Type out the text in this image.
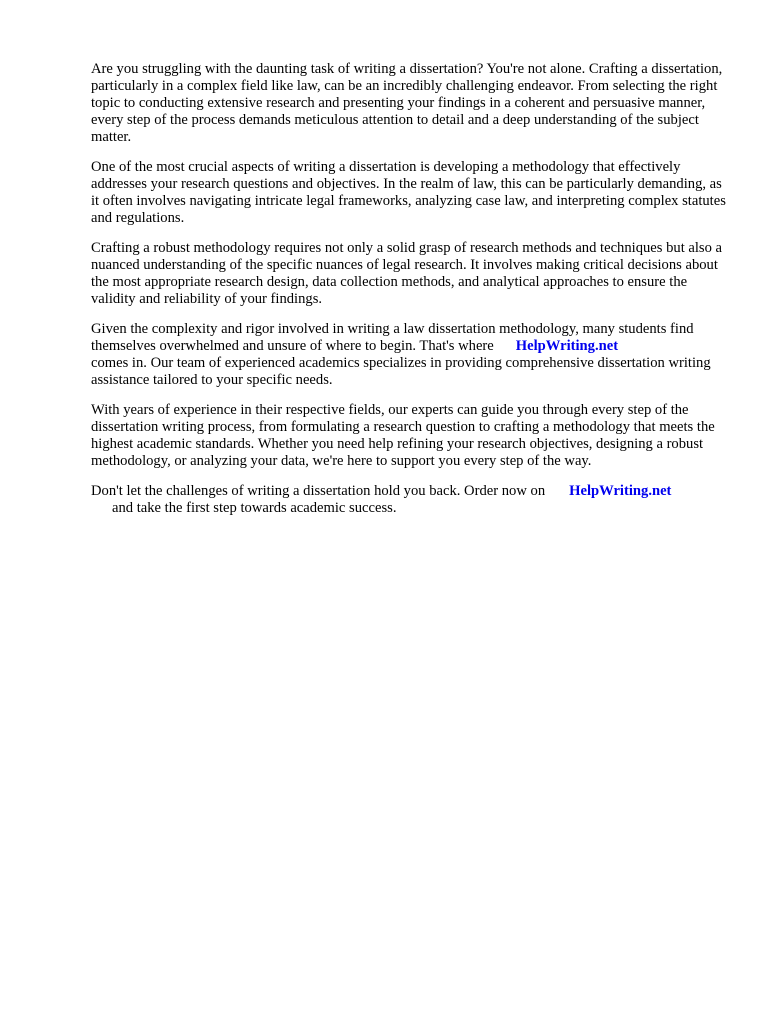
Are you struggling with the daunting task of writing a dissertation? You're not alone. Crafting a dissertation, particularly in a complex field like law, can be an incredibly challenging endeavor. From selecting the right topic to conducting extensive research and presenting your findings in a coherent and persuasive manner, every step of the process demands meticulous attention to detail and a deep understanding of the subject matter.

One of the most crucial aspects of writing a dissertation is developing a methodology that effectively addresses your research questions and objectives. In the realm of law, this can be particularly demanding, as it often involves navigating intricate legal frameworks, analyzing case law, and interpreting complex statutes and regulations.

Crafting a robust methodology requires not only a solid grasp of research methods and techniques but also a nuanced understanding of the specific nuances of legal research. It involves making critical decisions about the most appropriate research design, data collection methods, and analytical approaches to ensure the validity and reliability of your findings.

Given the complexity and rigor involved in writing a law dissertation methodology, many students find themselves overwhelmed and unsure of where to begin. That's where HelpWriting.net
comes in. Our team of experienced academics specializes in providing comprehensive dissertation writing assistance tailored to your specific needs.

With years of experience in their respective fields, our experts can guide you through every step of the dissertation writing process, from formulating a research question to crafting a methodology that meets the highest academic standards. Whether you need help refining your research objectives, designing a robust methodology, or analyzing your data, we're here to support you every step of the way.

Don't let the challenges of writing a dissertation hold you back. Order now on HelpWriting.net
and take the first step towards academic success.
